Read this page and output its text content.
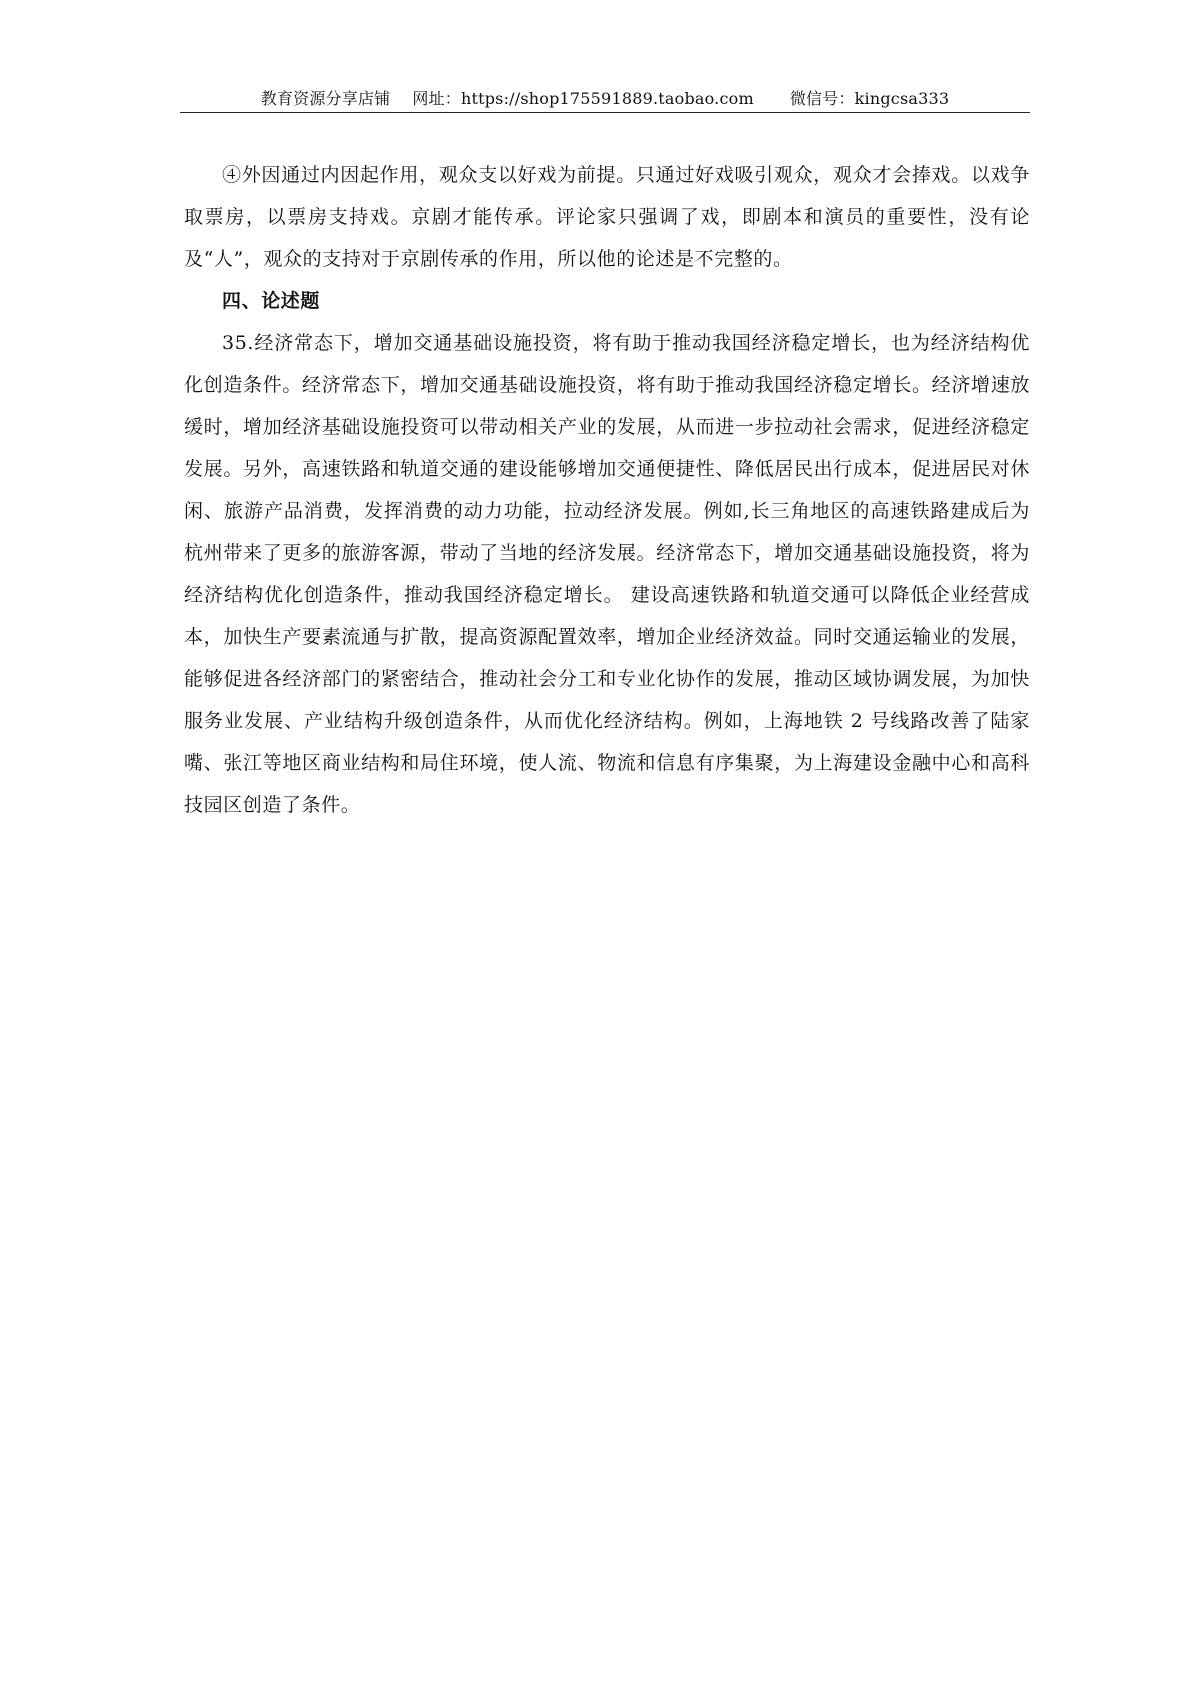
教育资源分享店铺 网址：https://shop175591889.taobao.com 微信号：kingcsa333

④外因通过内因起作用，观众支以好戏为前提。只通过好戏吸引观众，观众才会捧戏。以戏争取票房，以票房支持戏。京剧才能传承。评论家只强调了戏，即剧本和演员的重要性，没有论及“人”，观众的支持对于京剧传承的作用，所以他的论述是不完整的。

四、论述题

35.经济常态下，增加交通基础设施投资，将有助于推动我国经济稳定增长，也为经济结构优化创造条件。经济常态下，增加交通基础设施投资，将有助于推动我国经济稳定增长。经济增速放缓时，增加经济基础设施投资可以带动相关产业的发展，从而进一步拉动社会需求，促进经济稳定发展。另外，高速铁路和轨道交通的建设能够增加交通便捷性、降低居民出行成本，促进居民对休闲、旅游产品消费，发挥消费的动力功能，拉动经济发展。例如,长三角地区的高速铁路建成后为杭州带来了更多的旅游客源，带动了当地的经济发展。经济常态下，增加交通基础设施投资，将为经济结构优化创造条件，推动我国经济稳定增长。 建设高速铁路和轨道交通可以降低企业经营成本，加快生产要素流通与扩散，提高资源配置效率，增加企业经济效益。同时交通运输业的发展，能够促进各经济部门的紧密结合，推动社会分工和专业化协作的发展，推动区域协调发展，为加快服务业发展、产业结构升级创造条件，从而优化经济结构。例如，上海地铁 2 号线路改善了陆家嘴、张江等地区商业结构和局住环境，使人流、物流和信息有序集聚，为上海建设金融中心和高科技园区创造了条件。
